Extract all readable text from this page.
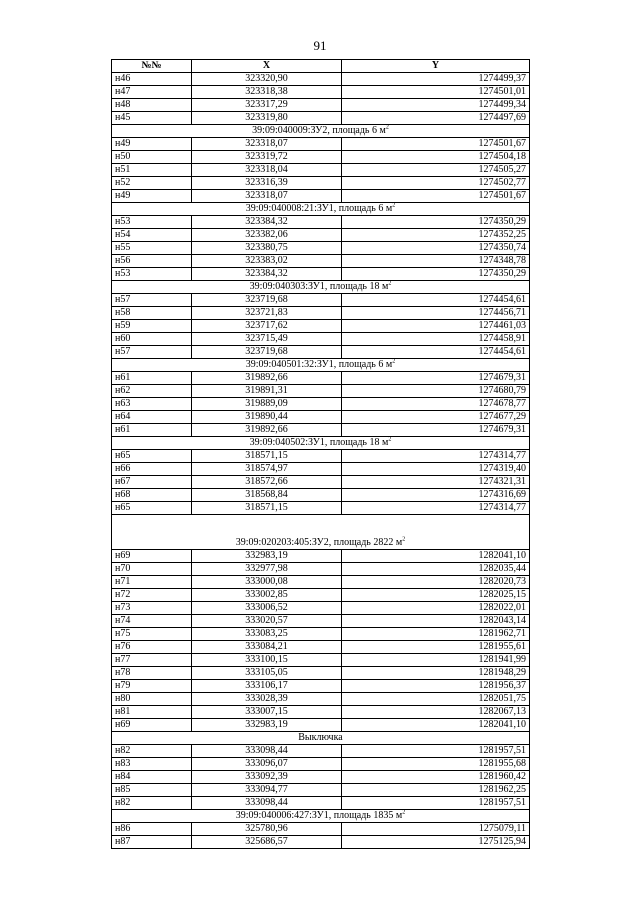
91
№№	X	Y
н46	323320,90	1274499,37
н47	323318,38	1274501,01
н48	323317,29	1274499,34
н45	323319,80	1274497,69
39:09:040009:ЗУ2, площадь 6 $м^2$
н49	323318,07	1274501,67
н50	323319,72	1274504,18
н51	323318,04	1274505,27
н52	323316,39	1274502,77
н49	323318,07	1274501,67
39:09:040008:21:ЗУ1, площадь 6 $м^2$
н53	323384,32	1274350,29
н54	323382,06	1274352,25
н55	323380,75	1274350,74
н56	323383,02	1274348,78
н53	323384,32	1274350,29
39:09:040303:ЗУ1, площадь 18 $м^2$
н57	323719,68	1274454,61
н58	323721,83	1274456,71
н59	323717,62	1274461,03
н60	323715,49	1274458,91
н57	323719,68	1274454,61
39:09:040501:32:ЗУ1, площадь 6 $м^2$
н61	319892,66	1274679,31
н62	319891,31	1274680,79
н63	319889,09	1274678,77
н64	319890,44	1274677,29
н61	319892,66	1274679,31
39:09:040502:ЗУ1, площадь 18 $м^2$
н65	318571,15	1274314,77
н66	318574,97	1274319,40
н67	318572,66	1274321,31
н68	318568,84	1274316,69
н65	318571,15	1274314,77
39:09:020203:405:ЗУ2, площадь 2822 $м^2$
н69	332983,19	1282041,10
н70	332977,98	1282035,44
н71	333000,08	1282020,73
н72	333002,85	1282025,15
н73	333006,52	1282022,01
н74	333020,57	1282043,14
н75	333083,25	1281962,71
н76	333084,21	1281955,61
н77	333100,15	1281941,99
н78	333105,05	1281948,29
н79	333106,17	1281956,37
н80	333028,39	1282051,75
н81	333007,15	1282067,13
н69	332983,19	1282041,10
Выключка		
н82	333098,44	1281957,51
н83	333096,07	1281955,68
н84	333092,39	1281960,42
н85	333094,77	1281962,25
н82	333098,44	1281957,51
39:09:040006:427:ЗУ1, площадь 1835 $м^2$
н86	325780,96	1275079,11
н87	325686,57	1275125,94
